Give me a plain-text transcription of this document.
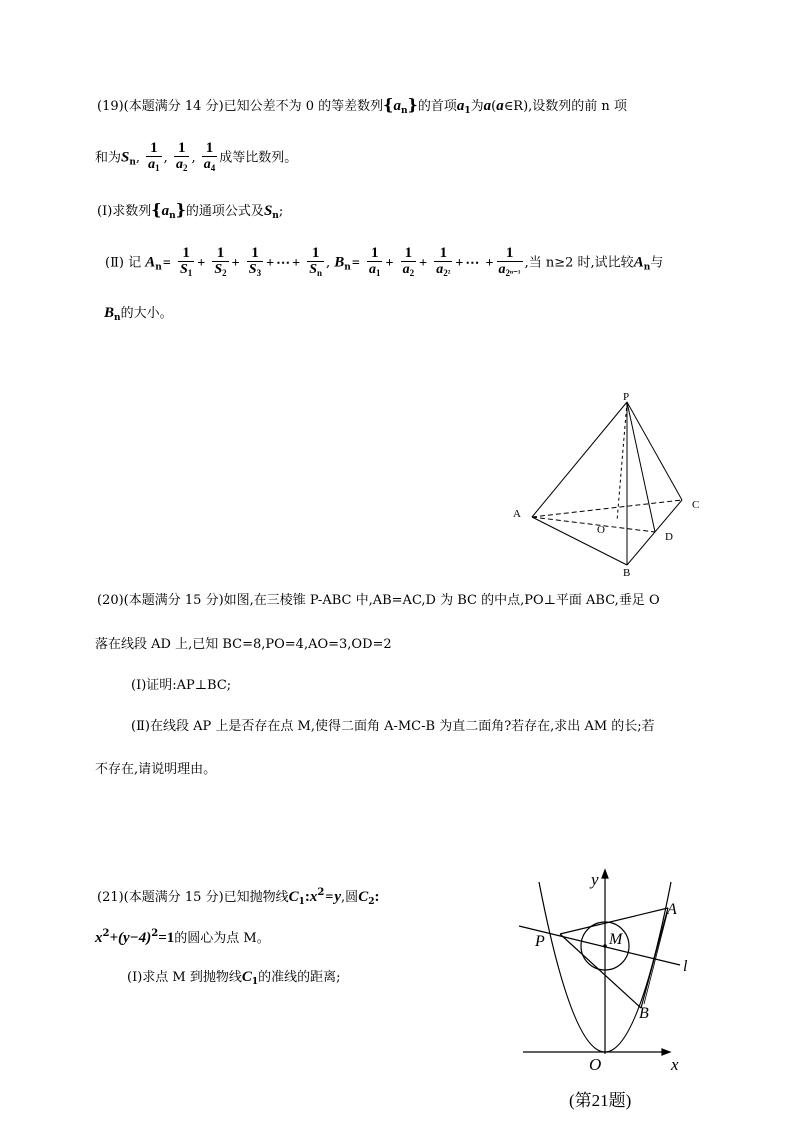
(19)(本题满分 14 分)已知公差不为 0 的等差数列$\{a_n\}$的首项$a_1$为a(a∈R),设数列的前 n 项
和为$S_n$, $\frac{1}{a_1}$ , $\frac{1}{a_2}$ , $\frac{1}{a_4}$ 成等比数列。
(Ⅰ)求数列$\{a_n\}$的通项公式及$S_n$;
(Ⅱ) 记 $A_n= \frac{1}{S_1} + \frac{1}{S_2} + \frac{1}{S_3}$ + ⋯ + $\frac{1}{S_n}$ , $B_n= \frac{1}{a_1} + \frac{1}{a_2} + \frac{1}{a_{2^2}}$ + ⋯ + $\frac{1}{a_{2^{n-1}}}$ ,当 n≥2 时,试比较$A_n$与
$B_n$的大小。
P
A
B
C
D
O
(20)(本题满分 15 分)如图,在三棱锥 P-ABC 中,AB=AC,D 为 BC 的中点,PO⊥平面 ABC,垂足 O
落在线段 AD 上,已知 BC=8,PO=4,AO=3,OD=2
(Ⅰ)证明:AP⊥BC;
(Ⅱ)在线段 AP 上是否存在点 M,使得二面角 A-MC-B 为直二面角?若存在,求出 AM 的长;若
不存在,请说明理由。
(21)(本题满分 15 分)已知抛物线$C_1:x^2=y$,圆$C_2$:
$x^2+(y-4)^2=1$的圆心为点 M。
(Ⅰ)求点 M 到抛物线$C_1$的准线的距离;
y
x
O
P
A
B
M
l
(第21题)
